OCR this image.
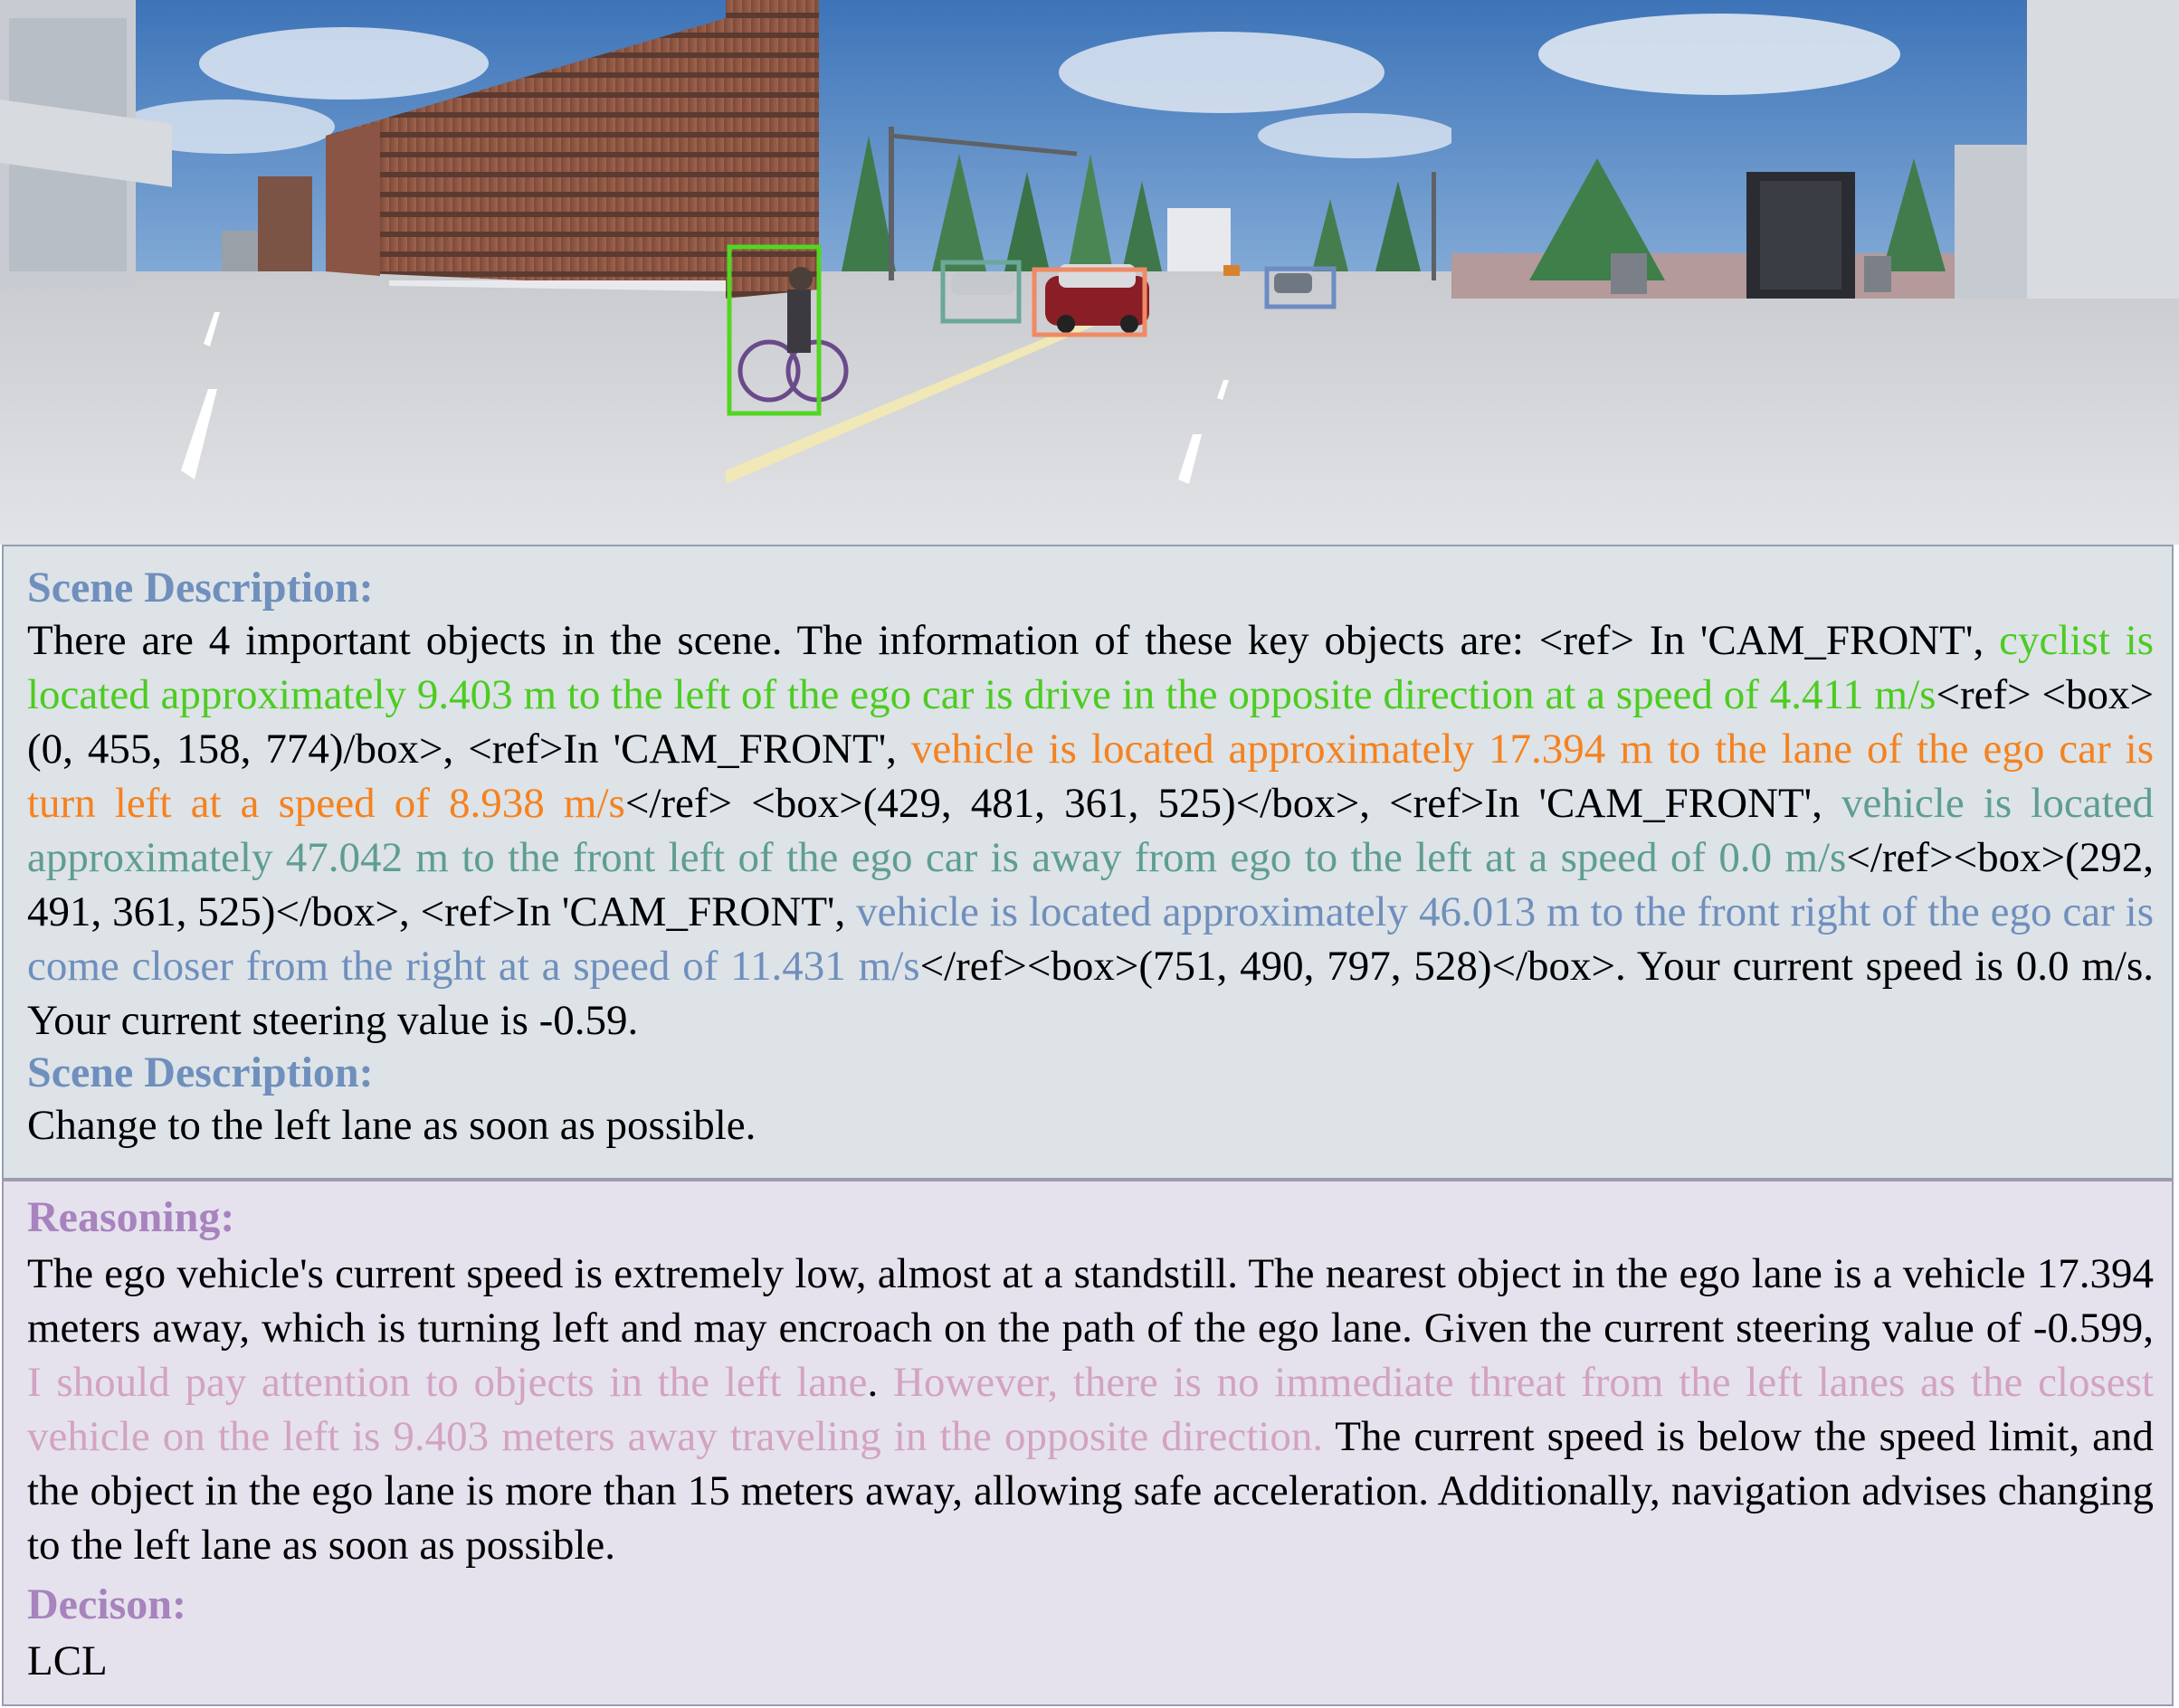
Scene Description:

There are 4 important objects in the scene. The information of these key objects are: <ref> In 'CAM_FRONT', cyclist is located approximately 9.403 m to the left of the ego car is drive in the opposite direction at a speed of 4.411 m/s<ref> <box>(0, 455, 158, 774)/box>, <ref>In 'CAM_FRONT', vehicle is located approximately 17.394 m to the lane of the ego car is turn left at a speed of 8.938 m/s</ref> <box>(429, 481, 361, 525)</box>, <ref>In 'CAM_FRONT', vehicle is located approximately 47.042 m to the front left of the ego car is away from ego to the left at a speed of 0.0 m/s</ref><box>(292, 491, 361, 525)</box>, <ref>In 'CAM_FRONT', vehicle is located approximately 46.013 m to the front right of the ego car is come closer from the right at a speed of 11.431 m/s</ref><box>(751, 490, 797, 528)</box>. Your current speed is 0.0 m/s. Your current steering value is -0.59.

Scene Description:
Change to the left lane as soon as possible.
Reasoning:

The ego vehicle's current speed is extremely low, almost at a standstill. The nearest object in the ego lane is a vehicle 17.394 meters away, which is turning left and may encroach on the path of the ego lane. Given the current steering value of -0.599, I should pay attention to objects in the left lane. However, there is no immediate threat from the left lanes as the closest vehicle on the left is 9.403 meters away traveling in the opposite direction. The current speed is below the speed limit, and the object in the ego lane is more than 15 meters away, allowing safe acceleration. Additionally, navigation advises changing to the left lane as soon as possible.

Decison:
LCL
